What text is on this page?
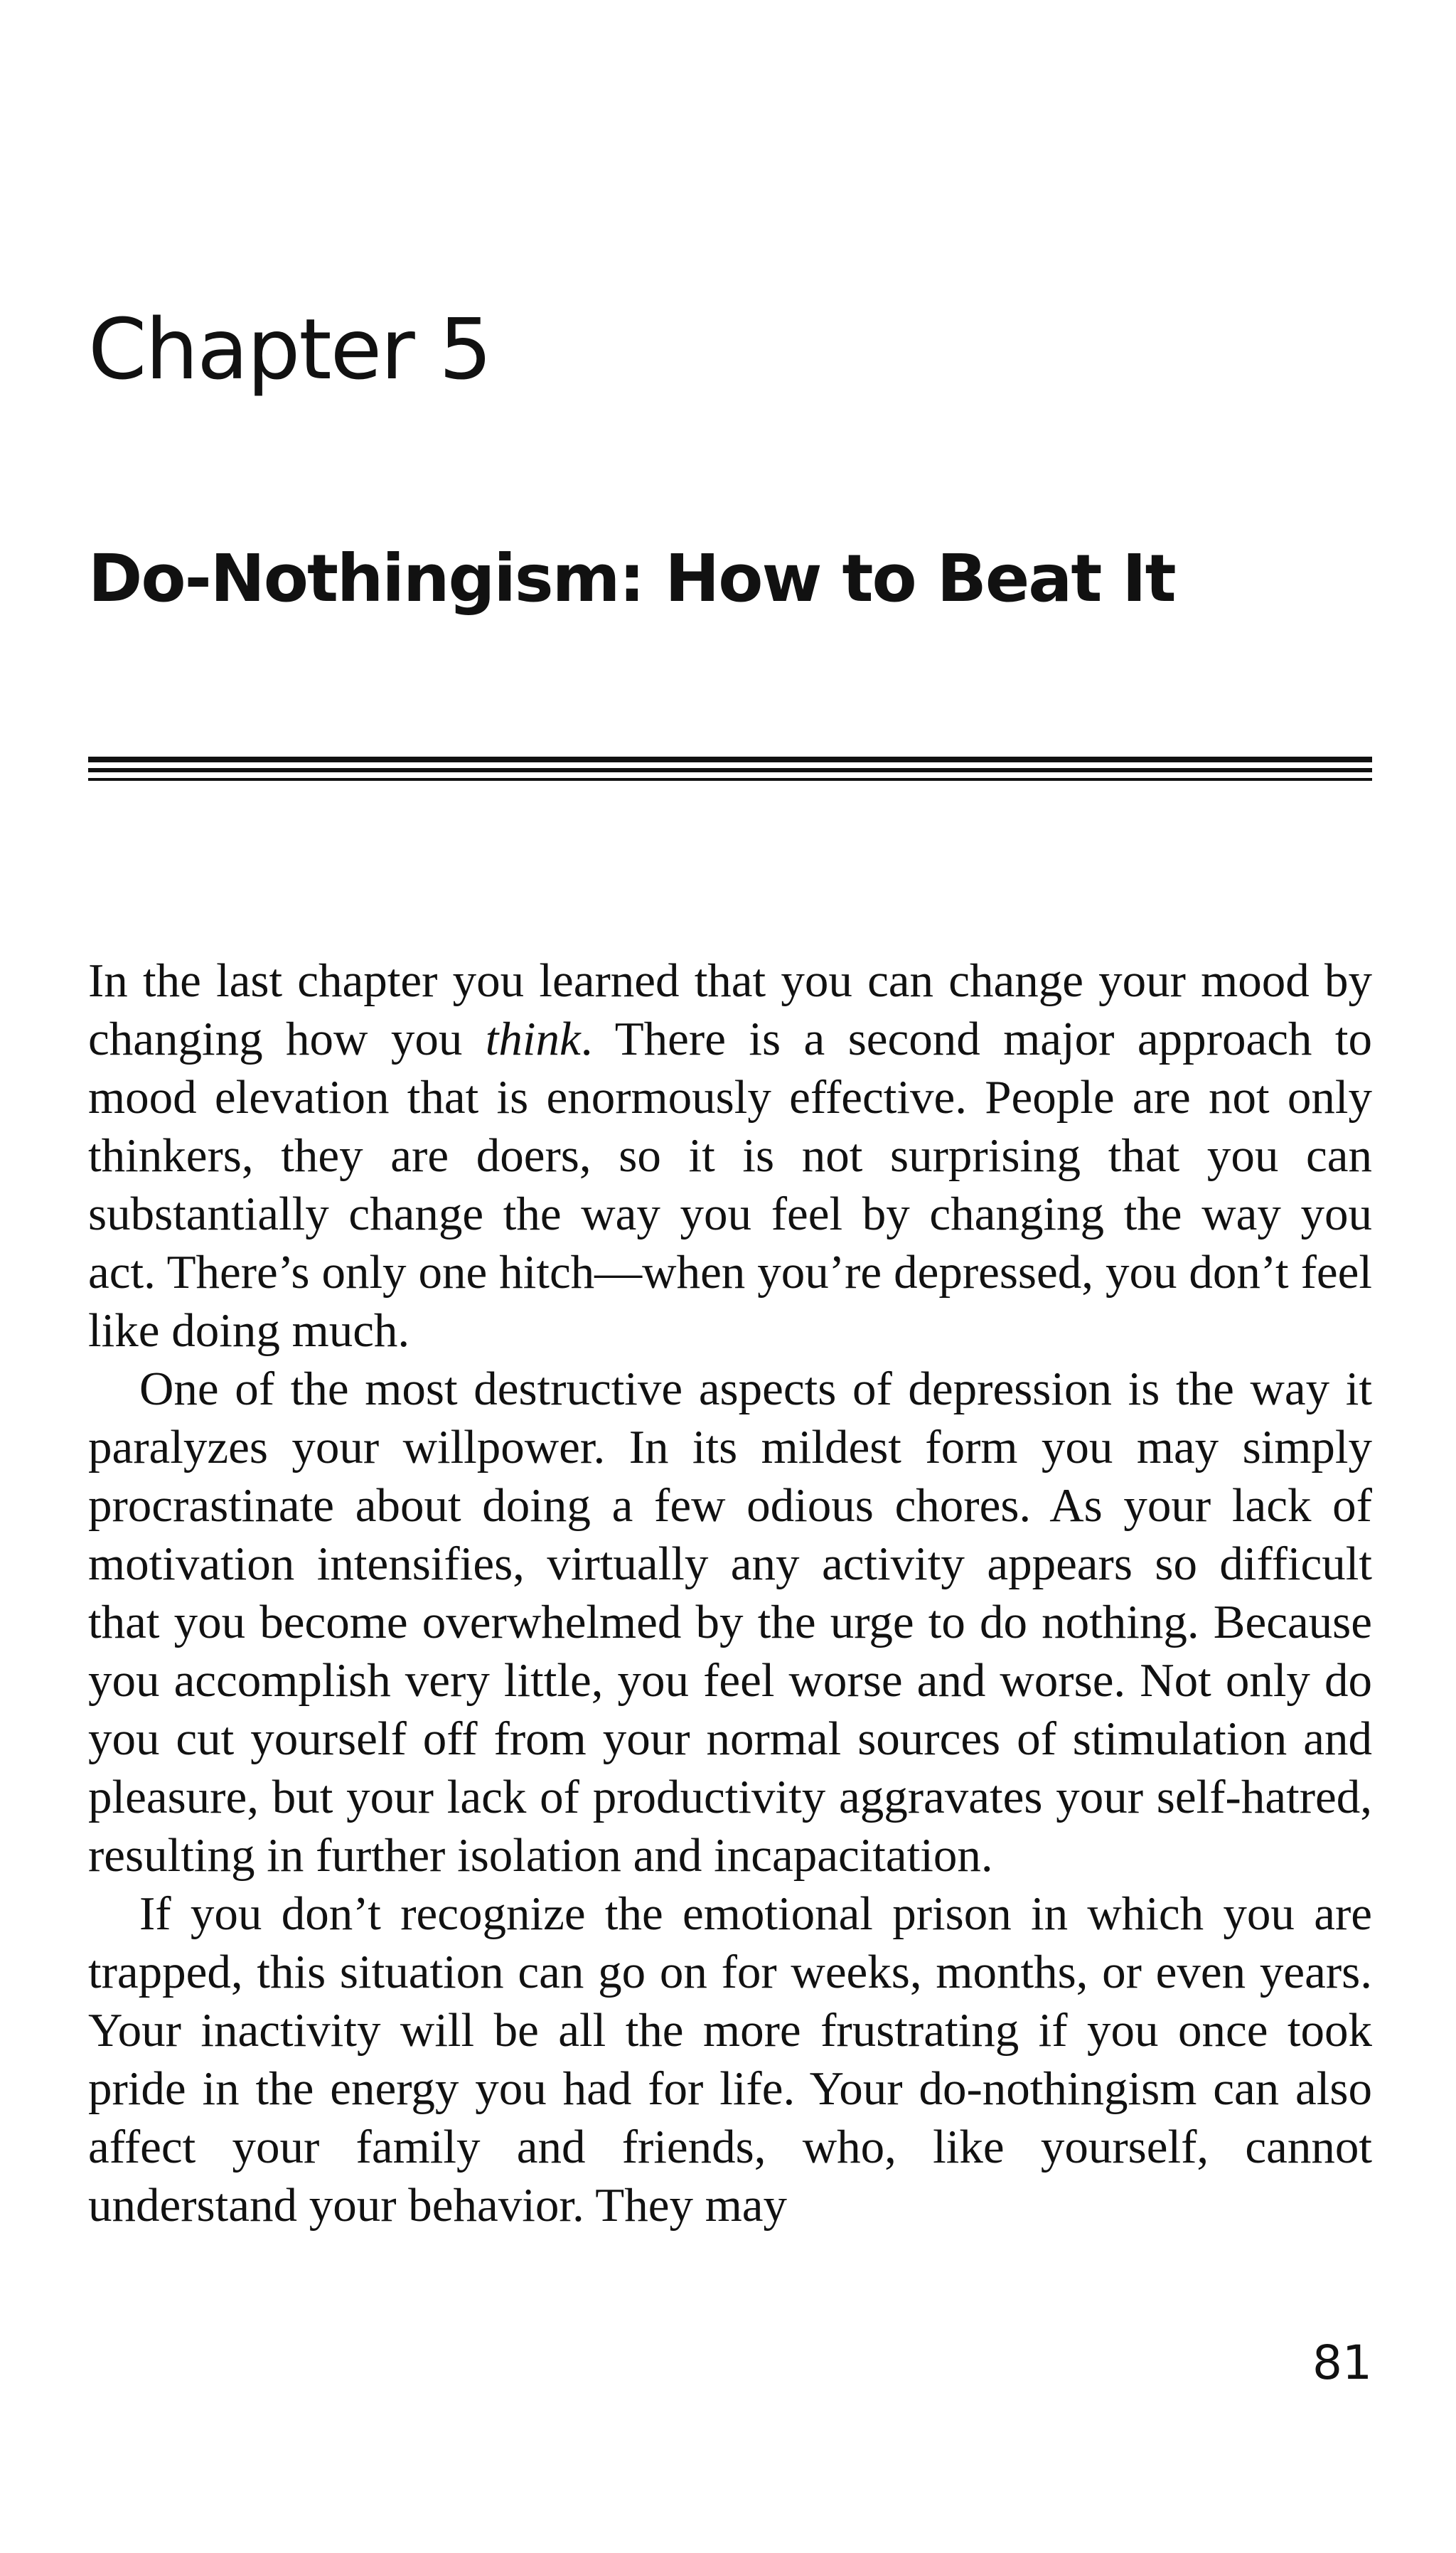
Chapter 5
Do-Nothingism: How to Beat It

In the last chapter you learned that you can change your mood by changing how you think. There is a second major approach to mood elevation that is enormously effective. People are not only thinkers, they are doers, so it is not surprising that you can substantially change the way you feel by changing the way you act. There’s only one hitch—when you’re depressed, you don’t feel like doing much.

One of the most destructive aspects of depression is the way it paralyzes your willpower. In its mildest form you may simply procrastinate about doing a few odious chores. As your lack of motivation intensifies, virtually any activity appears so difficult that you become overwhelmed by the urge to do nothing. Because you accomplish very little, you feel worse and worse. Not only do you cut yourself off from your normal sources of stimulation and pleasure, but your lack of productivity aggravates your self-hatred, resulting in further isolation and incapacitation.

If you don’t recognize the emotional prison in which you are trapped, this situation can go on for weeks, months, or even years. Your inactivity will be all the more frustrating if you once took pride in the energy you had for life. Your do-nothingism can also affect your family and friends, who, like yourself, cannot understand your behavior. They may

81
